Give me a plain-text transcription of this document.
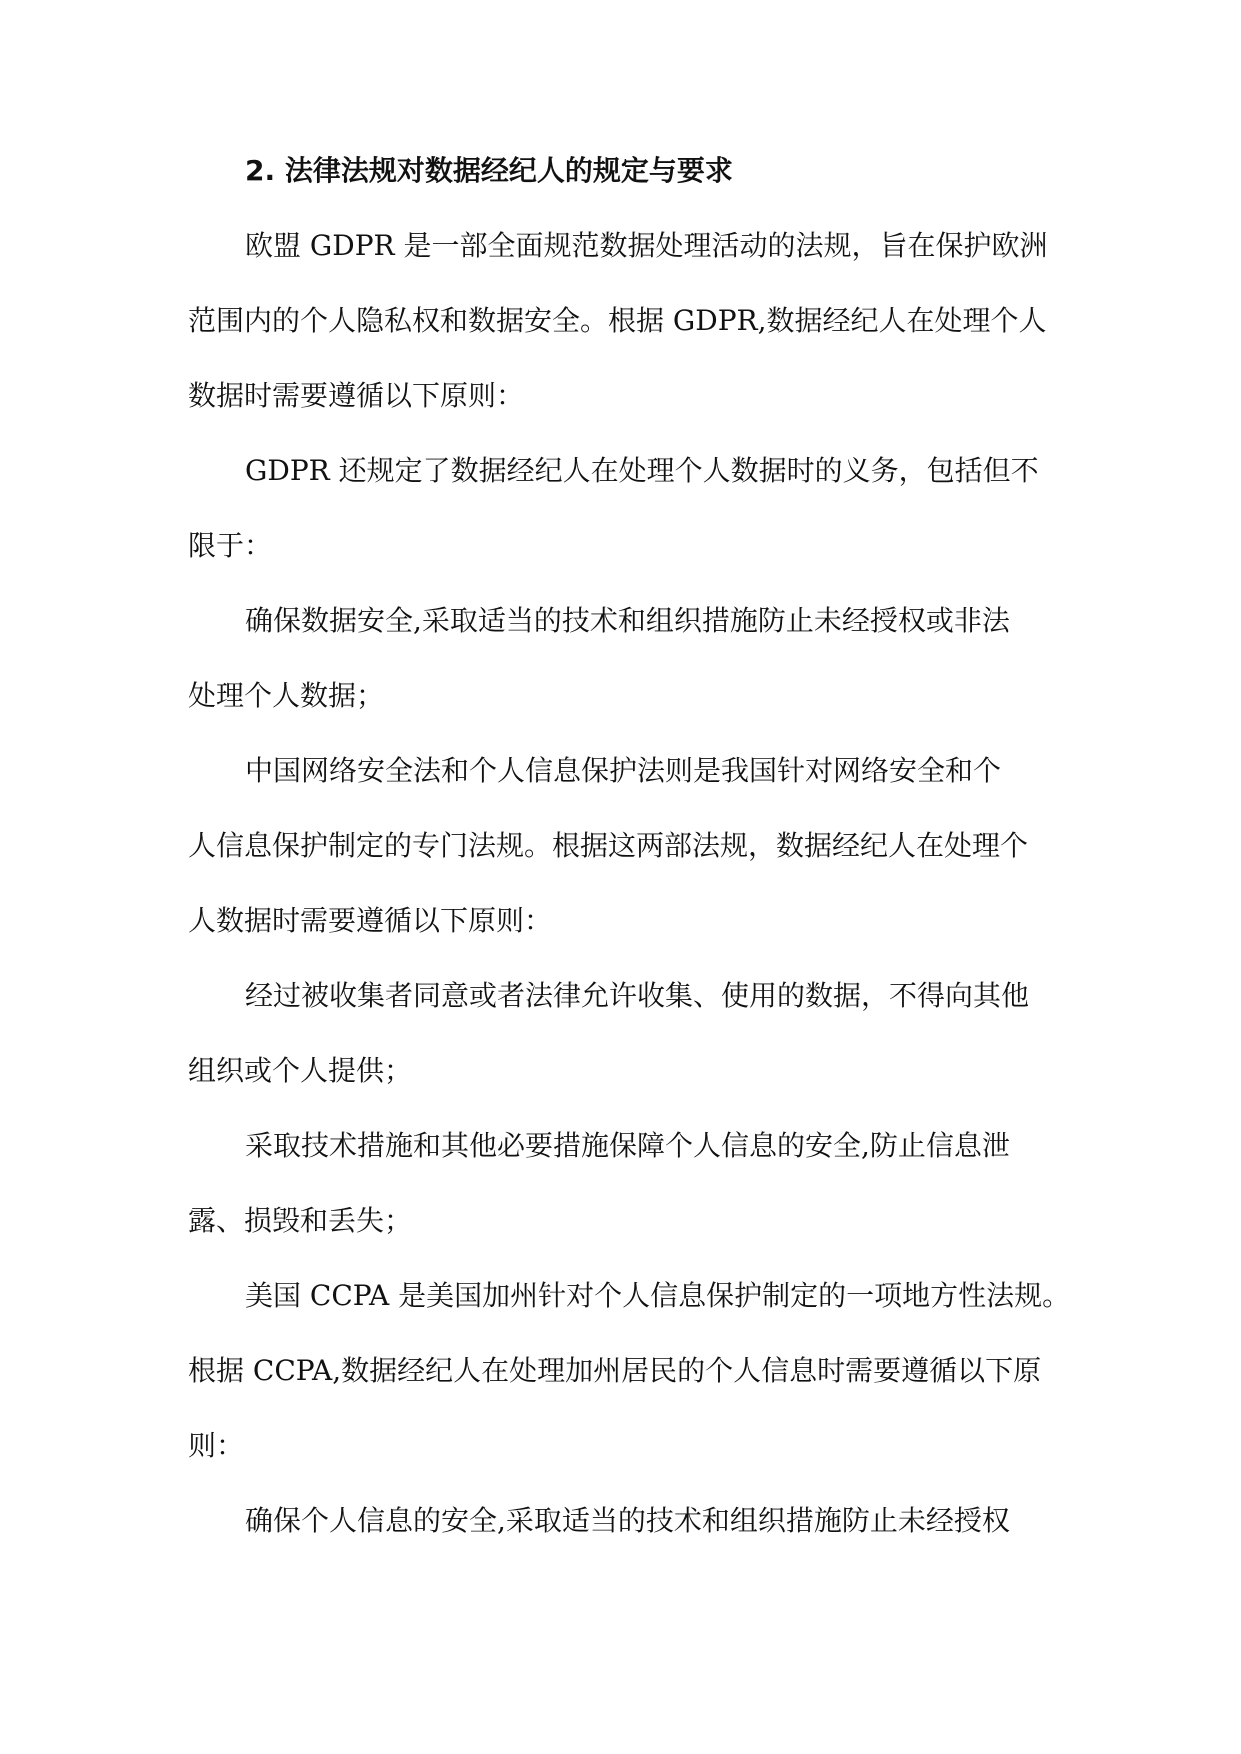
2. 法律法规对数据经纪人的规定与要求
欧盟 GDPR 是一部全面规范数据处理活动的法规，旨在保护欧洲
范围内的个人隐私权和数据安全。根据 GDPR,数据经纪人在处理个人
数据时需要遵循以下原则：
GDPR 还规定了数据经纪人在处理个人数据时的义务，包括但不
限于：
确保数据安全,采取适当的技术和组织措施防止未经授权或非法
处理个人数据；
中国网络安全法和个人信息保护法则是我国针对网络安全和个
人信息保护制定的专门法规。根据这两部法规，数据经纪人在处理个
人数据时需要遵循以下原则：
经过被收集者同意或者法律允许收集、使用的数据，不得向其他
组织或个人提供；
采取技术措施和其他必要措施保障个人信息的安全,防止信息泄
露、损毁和丢失；
美国 CCPA 是美国加州针对个人信息保护制定的一项地方性法规。
根据 CCPA,数据经纪人在处理加州居民的个人信息时需要遵循以下原
则：
确保个人信息的安全,采取适当的技术和组织措施防止未经授权
